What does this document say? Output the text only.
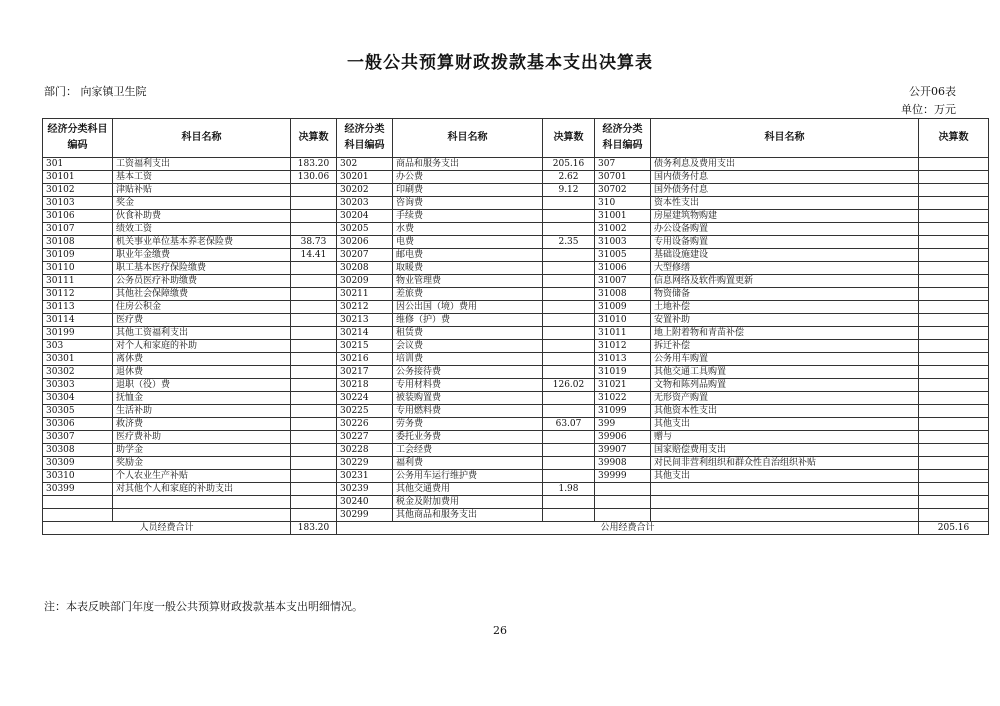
一般公共预算财政拨款基本支出决算表
部门： 向家镇卫生院	公开06表
单位：万元
经济分类科目编码	科目名称	决算数	经济分类科目编码	科目名称	决算数	经济分类科目编码	科目名称	决算数
301	工资福利支出	183.20	302	商品和服务支出	205.16	307	债务利息及费用支出	
30101	基本工资	130.06	30201	办公费	2.62	30701	国内债务付息	
30102	津贴补贴		30202	印刷费	9.12	30702	国外债务付息	
30103	奖金		30203	咨询费		310	资本性支出	
30106	伙食补助费		30204	手续费		31001	房屋建筑物购建	
30107	绩效工资		30205	水费		31002	办公设备购置	
30108	机关事业单位基本养老保险费	38.73	30206	电费	2.35	31003	专用设备购置	
30109	职业年金缴费	14.41	30207	邮电费		31005	基础设施建设	
30110	职工基本医疗保险缴费		30208	取暖费		31006	大型修缮	
30111	公务员医疗补助缴费		30209	物业管理费		31007	信息网络及软件购置更新	
30112	其他社会保障缴费		30211	差旅费		31008	物资储备	
30113	住房公积金		30212	因公出国（境）费用		31009	土地补偿	
30114	医疗费		30213	维修（护）费		31010	安置补助	
30199	其他工资福利支出		30214	租赁费		31011	地上附着物和青苗补偿	
303	对个人和家庭的补助		30215	会议费		31012	拆迁补偿	
30301	离休费		30216	培训费		31013	公务用车购置	
30302	退休费		30217	公务接待费		31019	其他交通工具购置	
30303	退职（役）费		30218	专用材料费	126.02	31021	文物和陈列品购置	
30304	抚恤金		30224	被装购置费		31022	无形资产购置	
30305	生活补助		30225	专用燃料费		31099	其他资本性支出	
30306	救济费		30226	劳务费	63.07	399	其他支出	
30307	医疗费补助		30227	委托业务费		39906	赠与	
30308	助学金		30228	工会经费		39907	国家赔偿费用支出	
30309	奖励金		30229	福利费		39908	对民间非营利组织和群众性自治组织补贴	
30310	个人农业生产补贴		30231	公务用车运行维护费		39999	其他支出	
30399	对其他个人和家庭的补助支出		30239	其他交通费用	1.98			
			30240	税金及附加费用				
			30299	其他商品和服务支出				
人员经费合计		183.20	公用经费合计					205.16
注：本表反映部门年度一般公共预算财政拨款基本支出明细情况。
26
